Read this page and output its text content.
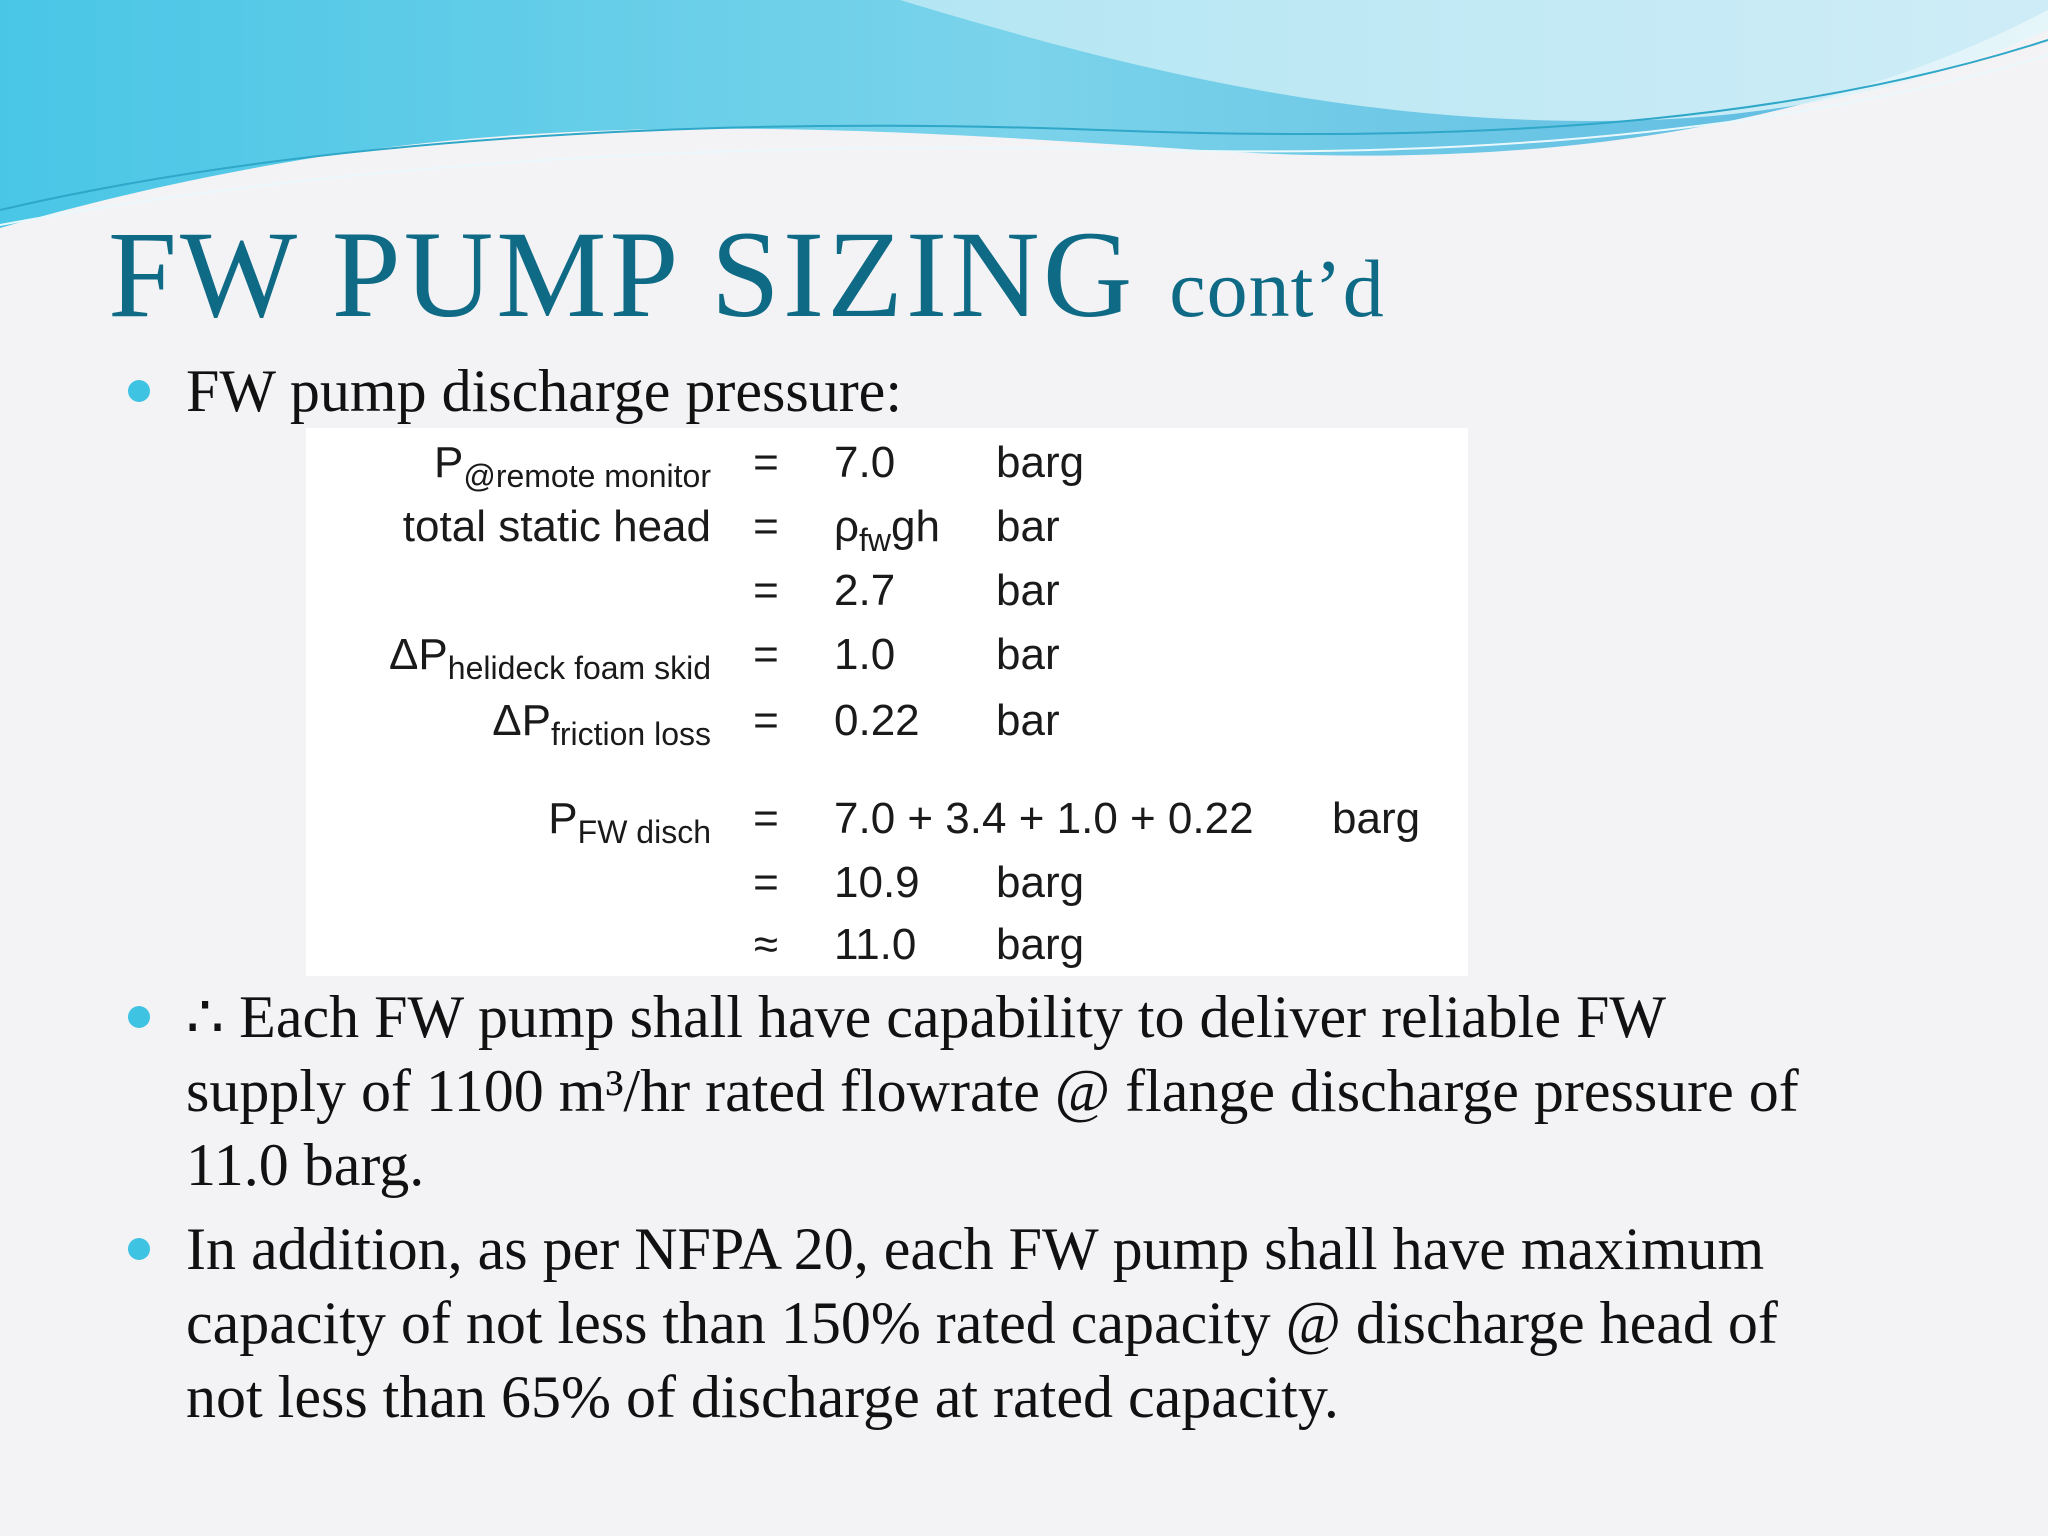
FW PUMP SIZING cont’d
FW pump discharge pressure:
$P_{@remote monitor} = 7.0$ barg
total static head = $\rho_{fw}gh$ bar
= 2.7 bar
$\Delta P_{helideck foam skid} = 1.0$ bar
$\Delta P_{friction loss} = 0.22$ bar
$P_{FW disch} = 7.0 + 3.4 + 1.0 + 0.22$ barg
= 10.9 barg
≈ 11.0 barg
∴ Each FW pump shall have capability to deliver reliable FW
supply of 1100 m³/hr rated flowrate @ flange discharge pressure of
11.0 barg.
In addition, as per NFPA 20, each FW pump shall have maximum
capacity of not less than 150% rated capacity @ discharge head of
not less than 65% of discharge at rated capacity.
